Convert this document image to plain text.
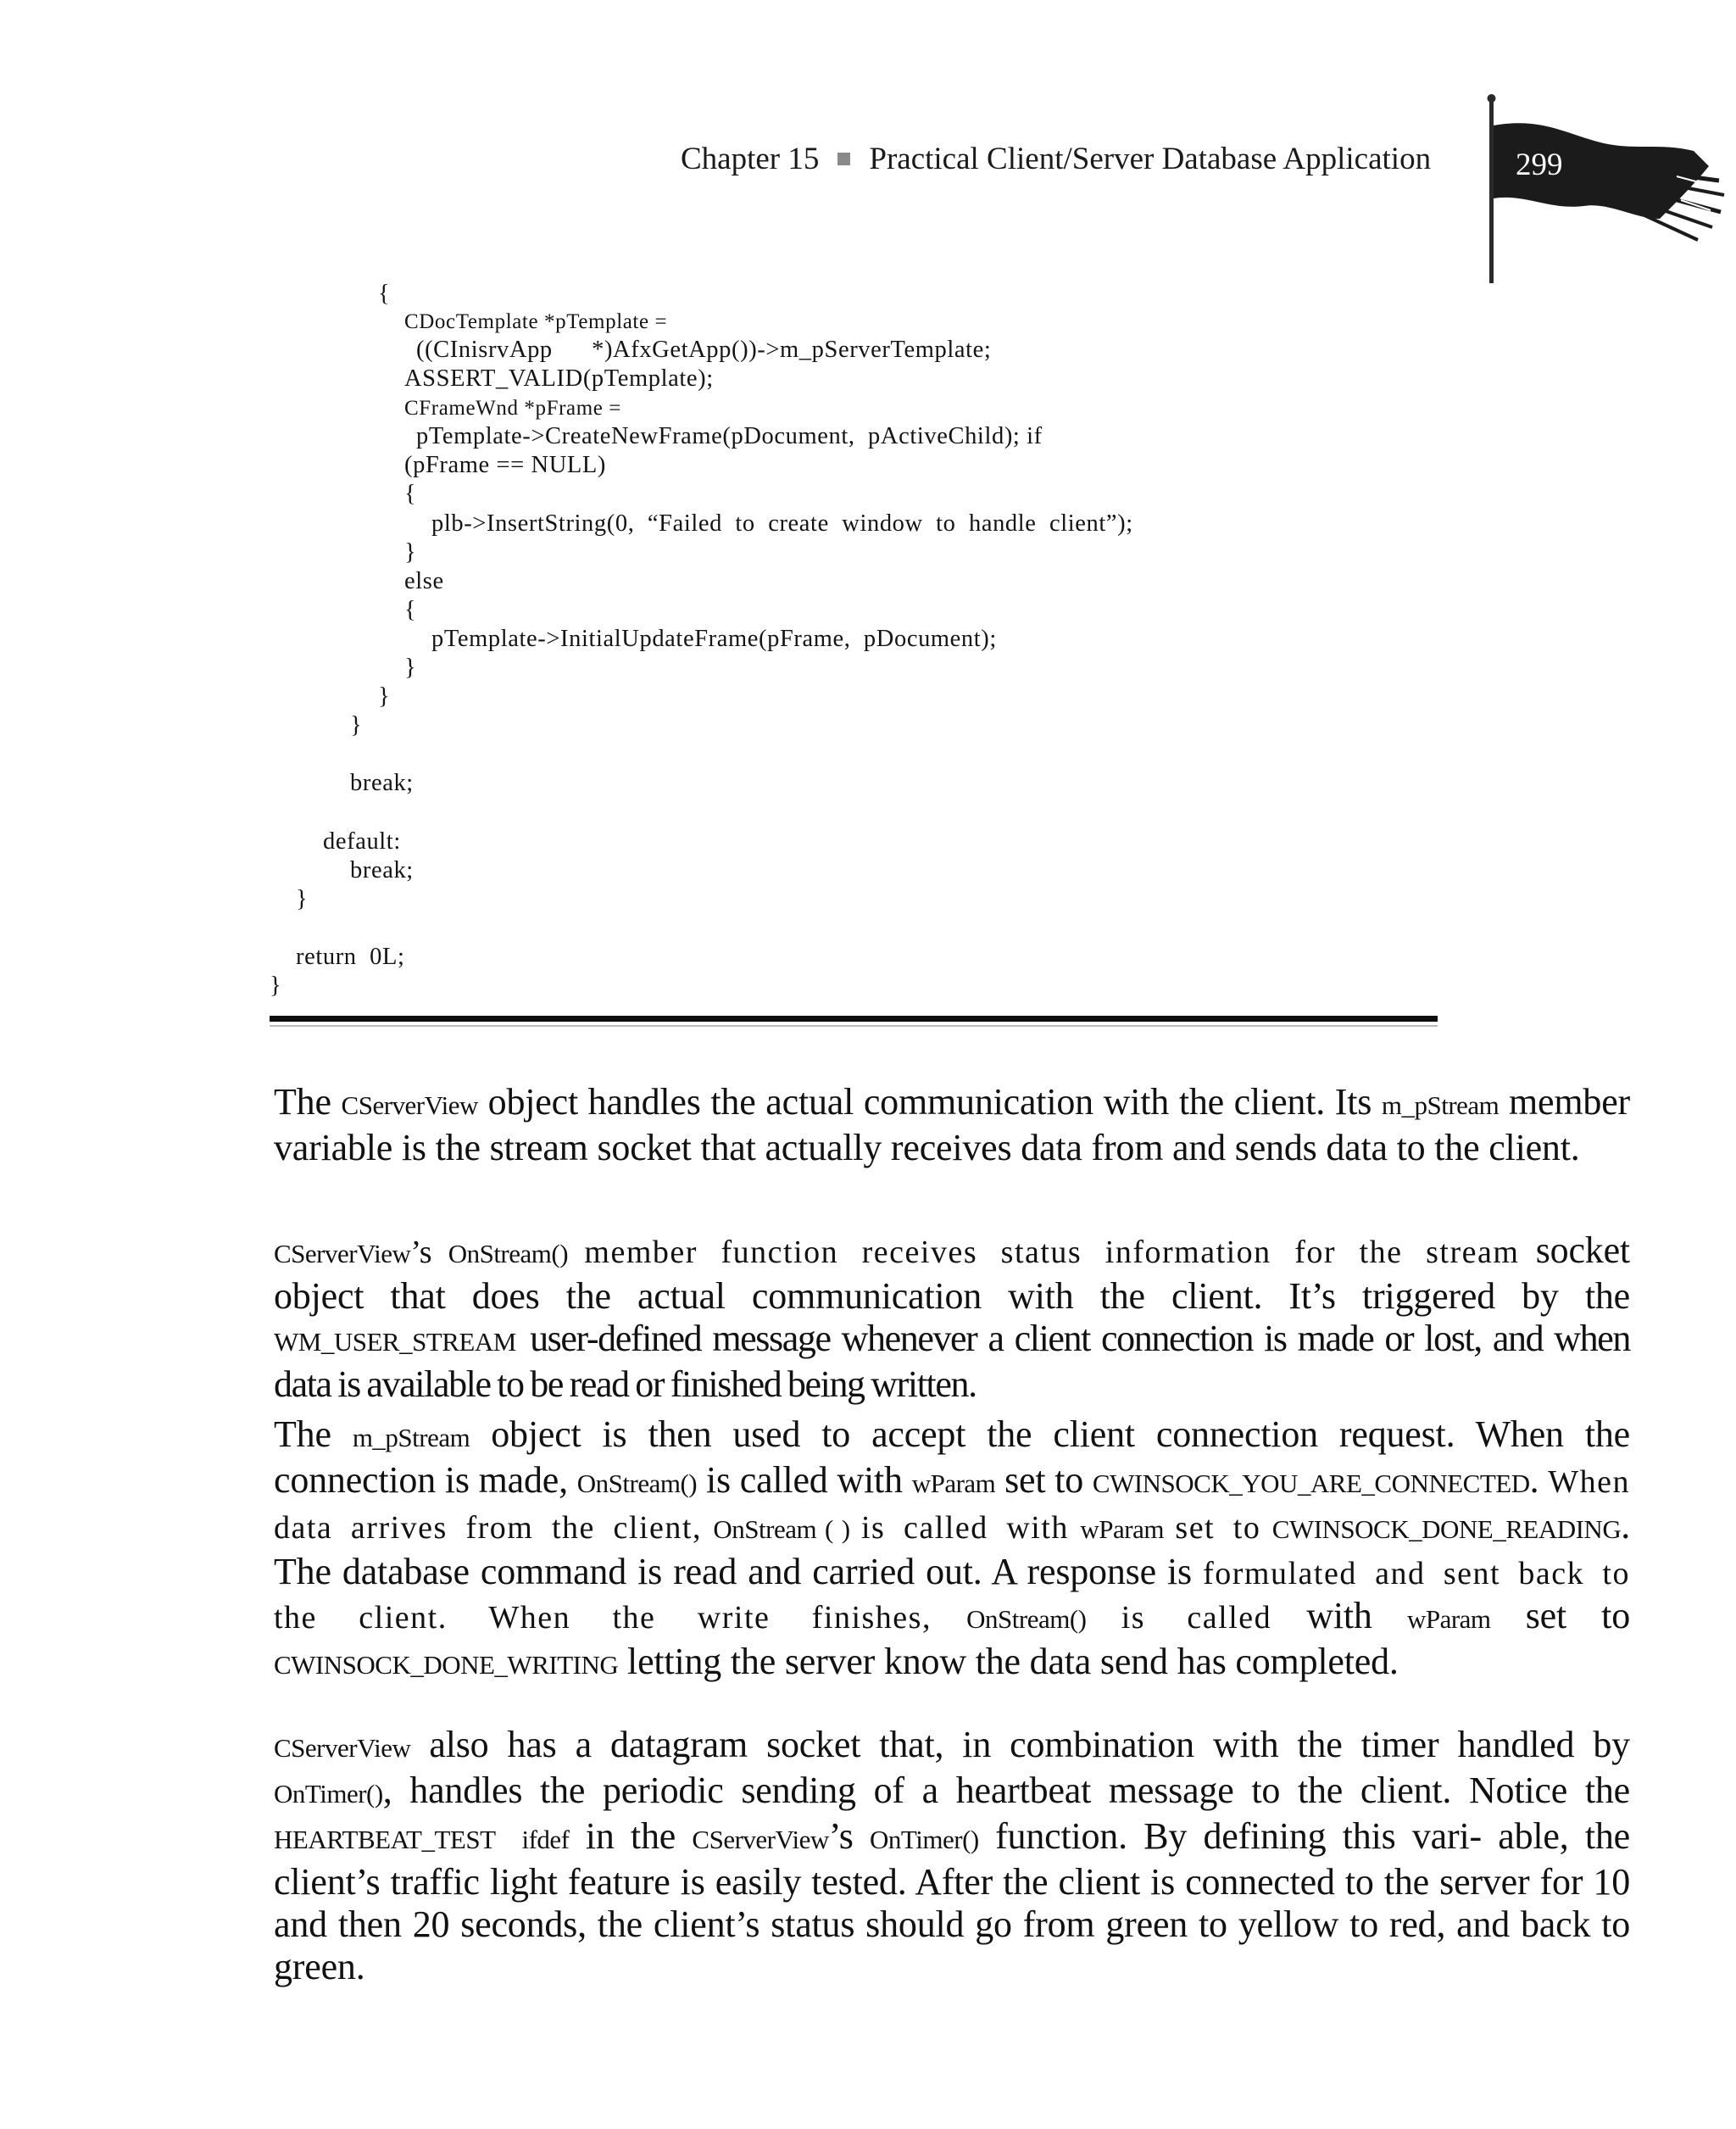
Chapter 15 Practical Client/Server Database Application	299
{
CDocTemplate *pTemplate =
((CInisrvApp      *)AfxGetApp())->m_pServerTemplate;
ASSERT_VALID(pTemplate);
CFrameWnd *pFrame =
pTemplate->CreateNewFrame(pDocument,  pActiveChild); if
(pFrame == NULL)
{
plb->InsertString(0,  “Failed  to  create  window  to  handle  client”);
}
else
{
pTemplate->InitialUpdateFrame(pFrame,  pDocument);
}
}
}
break;
default:
break;
}
return  0L;
}

The CServerView object handles the actual communication with the client. Its m_pStream member variable is the stream socket that actually receives data from and sends data to the client.

CServerView’s OnStream() member function receives status information for the stream socket object that does the actual communication with the client. It’s triggered by the WM_USER_STREAM user-defined message whenever a client connection is made or lost, and when data is available to be read or finished being written.

The m_pStream object is then used to accept the client connection request. When the connection is made, OnStream() is called with wParam set to CWINSOCK_YOU_ARE_CONNECTED. When data arrives from the client, OnStream ( ) is called with wParam set to CWINSOCK_DONE_READING. The database command is read and carried out. A response is formulated and sent back to the client. When the write finishes, OnStream() is called with wParam set to CWINSOCK_DONE_WRITING letting the server know the data send has completed.

CServerView also has a datagram socket that, in combination with the timer handled by OnTimer(), handles the periodic sending of a heartbeat message to the client. Notice the HEARTBEAT_TEST  ifdef in the CServerView’s OnTimer() function. By defining this vari- able, the client’s traffic light feature is easily tested. After the client is connected to the server for 10 and then 20 seconds, the client’s status should go from green to yellow to red, and back to green.
